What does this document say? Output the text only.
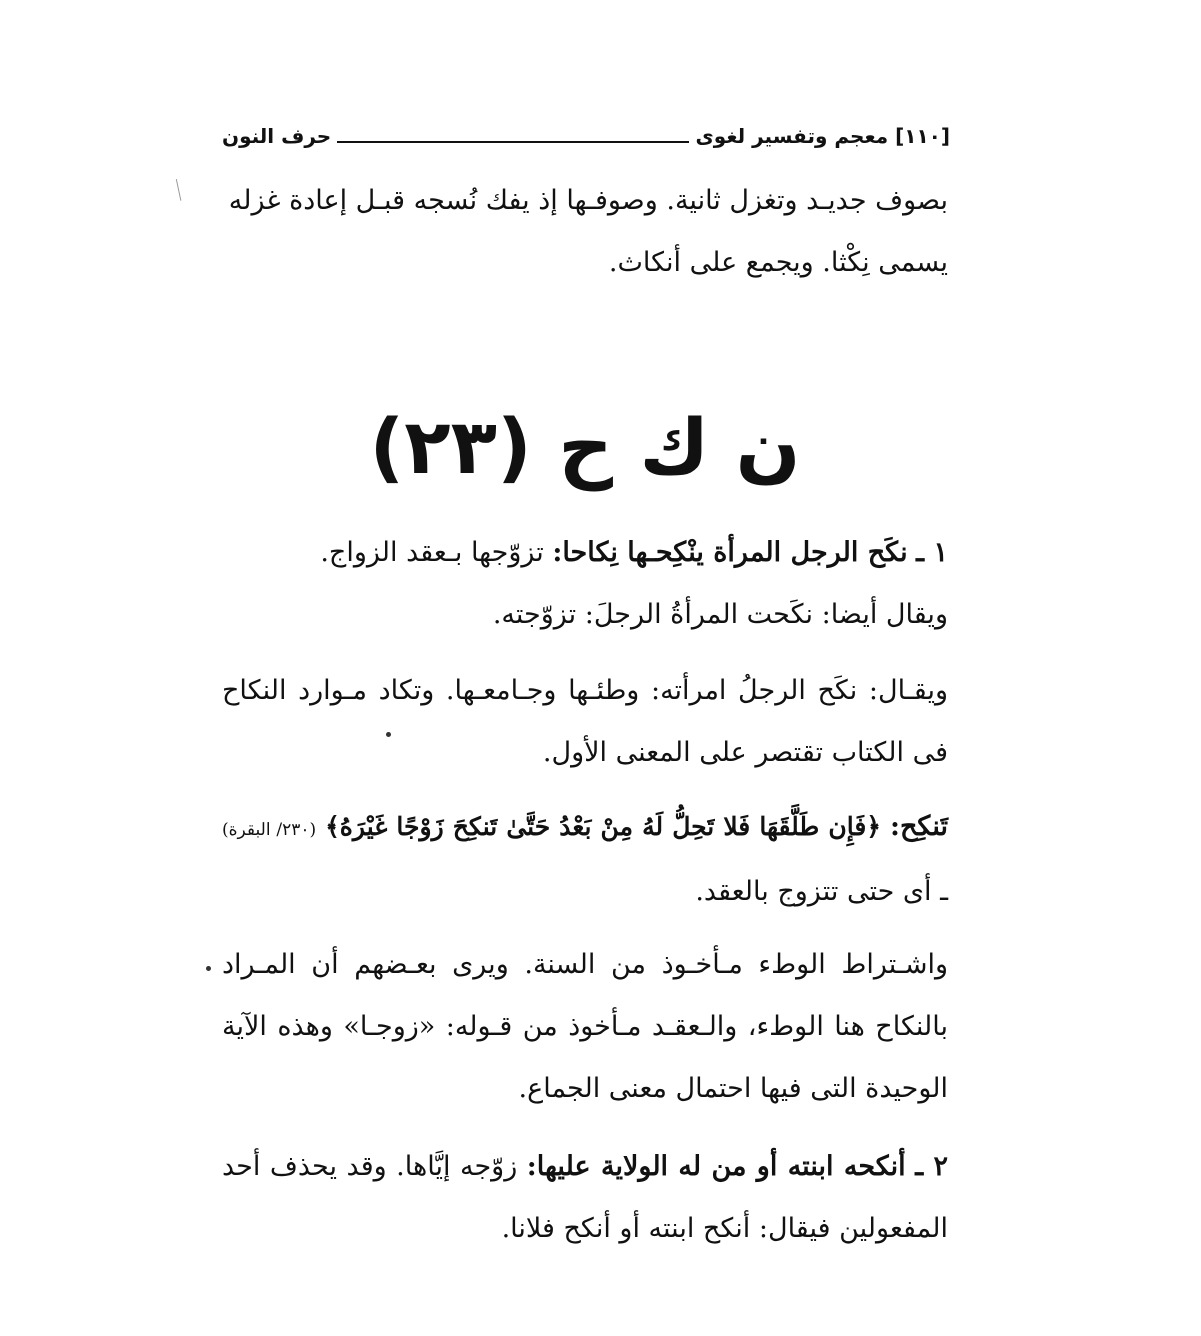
[١١٠] معجم وتفسير لغوى
حرف النون

بصوف جديـد وتغزل ثانية. وصوفـها إذ يفك نُسجه قبـل إعادة غزله

يسمى نِكْثا. ويجمع على أنكاث.

ن ك ح (٢٣)

١ ـ نكَح الرجل المرأة ينْكِحـها نِكاحا: تزوّجها بـعقد الزواج.

ويقال أيضا: نكَحت المرأةُ الرجلَ: تزوّجته.

ويقـال: نكَح الرجلُ امرأته: وطئـها وجـامعـها. وتكاد مـوارد النكاح فى الكتاب تقتصر على المعنى الأول.

تَنكِح: ﴿فَإِن طَلَّقَهَا فَلا تَحِلُّ لَهُ مِنْ بَعْدُ حَتَّىٰ تَنكِحَ زَوْجًا غَيْرَهُ﴾ (٢٣٠/ البقرة) ـ أى حتى تتزوج بالعقد.

واشـتراط الوطء مـأخـوذ من السنة. ويرى بعـضهم أن المـراد بالنكاح هنا الوطء، والـعقـد مـأخوذ من قـوله: «زوجـا» وهذه الآية الوحيدة التى فيها احتمال معنى الجماع.

٢ ـ أنكحه ابنته أو من له الولاية عليها: زوّجه إيَّاها. وقد يحذف أحد المفعولين فيقال: أنكح ابنته أو أنكح فلانا.
